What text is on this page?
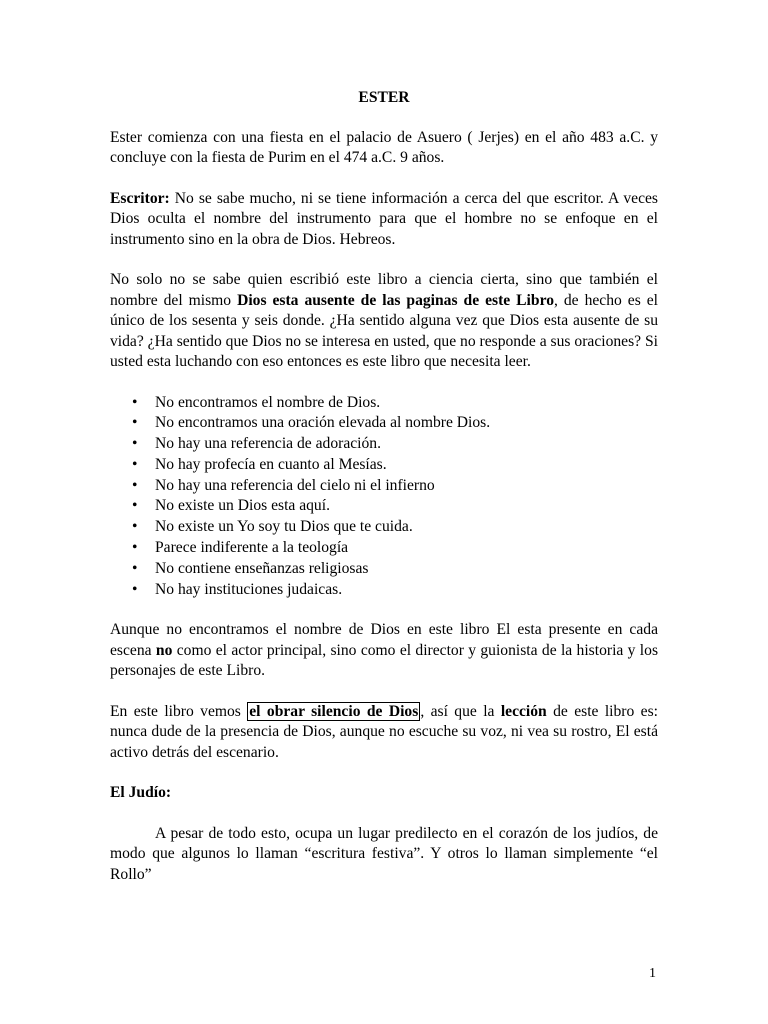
ESTER

Ester comienza con una fiesta en el palacio de Asuero ( Jerjes) en el año 483 a.C. y concluye con la fiesta de Purim en el 474 a.C. 9 años.

Escritor: No se sabe mucho, ni se tiene información a cerca del que escritor. A veces Dios oculta el nombre del instrumento para que el hombre no se enfoque en el instrumento sino en la obra de Dios. Hebreos.

No solo no se sabe quien escribió este libro a ciencia cierta, sino que también el nombre del mismo Dios esta ausente de las paginas de este Libro, de hecho es el único de los sesenta y seis donde. ¿Ha sentido alguna vez que Dios esta ausente de su vida? ¿Ha sentido que Dios no se interesa en usted, que no responde a sus oraciones? Si usted esta luchando con eso entonces es este libro que necesita leer.

• No encontramos el nombre de Dios.
• No encontramos una oración elevada al nombre Dios.
• No hay una referencia de adoración.
• No hay profecía en cuanto al Mesías.
• No hay una referencia del cielo ni el infierno
• No existe un Dios esta aquí.
• No existe un Yo soy tu Dios que te cuida.
• Parece indiferente a la teología
• No contiene enseñanzas religiosas
• No hay instituciones judaicas.

Aunque no encontramos el nombre de Dios en este libro El esta presente en cada escena no como el actor principal, sino como el director y guionista de la historia y los personajes de este Libro.

En este libro vemos el obrar silencio de Dios , así que la lección de este libro es: nunca dude de la presencia de Dios, aunque no escuche su voz, ni vea su rostro, El está activo detrás del escenario.

El Judío:

A pesar de todo esto, ocupa un lugar predilecto en el corazón de los judíos, de modo que algunos lo llaman “escritura festiva”. Y otros lo llaman simplemente “el Rollo”

1
